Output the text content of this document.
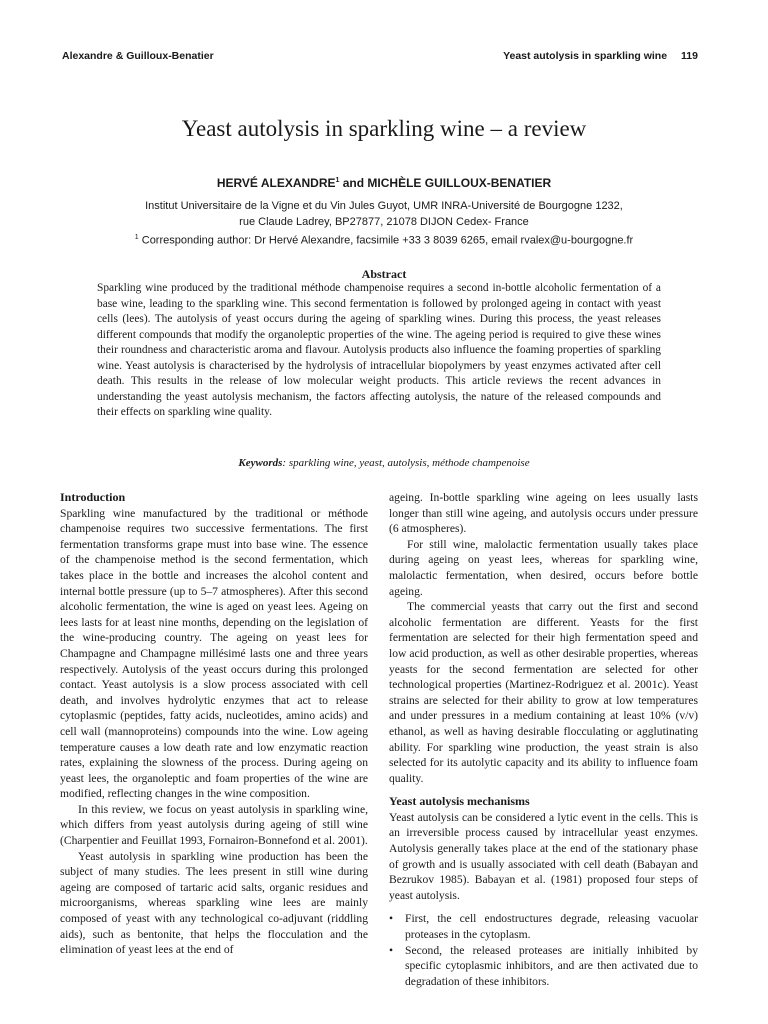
Alexandre & Guilloux-Benatier	Yeast autolysis in sparkling wine 119
Yeast autolysis in sparkling wine – a review
HERVÉ ALEXANDRE$^1$ and MICHÈLE GUILLOUX-BENATIER
Institut Universitaire de la Vigne et du Vin Jules Guyot, UMR INRA-Université de Bourgogne 1232,
rue Claude Ladrey, BP27877, 21078 DIJON Cedex- France
$^1$ Corresponding author: Dr Hervé Alexandre, facsimile +33 3 8039 6265, email rvalex@u-bourgogne.fr
Abstract
Sparkling wine produced by the traditional méthode champenoise requires a second in-bottle alcoholic fermentation of a base wine, leading to the sparkling wine. This second fermentation is followed by prolonged ageing in contact with yeast cells (lees). The autolysis of yeast occurs during the ageing of sparkling wines. During this process, the yeast releases different compounds that modify the organoleptic properties of the wine. The ageing period is required to give these wines their roundness and characteristic aroma and flavour. Autolysis products also influence the foaming properties of sparkling wine. Yeast autolysis is characterised by the hydrolysis of intracellular biopolymers by yeast enzymes activated after cell death. This results in the release of low molecular weight products. This article reviews the recent advances in understanding the yeast autolysis mechanism, the factors affecting autolysis, the nature of the released compounds and their effects on sparkling wine quality.
Keywords: sparkling wine, yeast, autolysis, méthode champenoise
Introduction

Sparkling wine manufactured by the traditional or méthode champenoise requires two successive fermentations. The first fermentation transforms grape must into base wine. The essence of the champenoise method is the second fermentation, which takes place in the bottle and increases the alcohol content and internal bottle pressure (up to 5–7 atmospheres). After this second alcoholic fermentation, the wine is aged on yeast lees. Ageing on lees lasts for at least nine months, depending on the legislation of the wine-producing country. The ageing on yeast lees for Champagne and Champagne millésimé lasts one and three years respectively. Autolysis of the yeast occurs during this prolonged contact. Yeast autolysis is a slow process associated with cell death, and involves hydrolytic enzymes that act to release cytoplasmic (peptides, fatty acids, nucleotides, amino acids) and cell wall (mannoproteins) compounds into the wine. Low ageing temperature causes a low death rate and low enzymatic reaction rates, explaining the slowness of the process. During ageing on yeast lees, the organoleptic and foam properties of the wine are modified, reflecting changes in the wine composition.

In this review, we focus on yeast autolysis in sparkling wine, which differs from yeast autolysis during ageing of still wine (Charpentier and Feuillat 1993, Fornairon-Bonnefond et al. 2001).

Yeast autolysis in sparkling wine production has been the subject of many studies. The lees present in still wine during ageing are composed of tartaric acid salts, organic residues and microorganisms, whereas sparkling wine lees are mainly composed of yeast with any technological co-adjuvant (riddling aids), such as bentonite, that helps the flocculation and the elimination of yeast lees at the end of

ageing. In-bottle sparkling wine ageing on lees usually lasts longer than still wine ageing, and autolysis occurs under pressure (6 atmospheres).

For still wine, malolactic fermentation usually takes place during ageing on yeast lees, whereas for sparkling wine, malolactic fermentation, when desired, occurs before bottle ageing.

The commercial yeasts that carry out the first and second alcoholic fermentation are different. Yeasts for the first fermentation are selected for their high fermentation speed and low acid production, as well as other desirable properties, whereas yeasts for the second fermentation are selected for other technological properties (Martinez-Rodriguez et al. 2001c). Yeast strains are selected for their ability to grow at low temperatures and under pressures in a medium containing at least 10% (v/v) ethanol, as well as having desirable flocculating or agglutinating ability. For sparkling wine production, the yeast strain is also selected for its autolytic capacity and its ability to influence foam quality.

Yeast autolysis mechanisms

Yeast autolysis can be considered a lytic event in the cells. This is an irreversible process caused by intracellular yeast enzymes. Autolysis generally takes place at the end of the stationary phase of growth and is usually associated with cell death (Babayan and Bezrukov 1985). Babayan et al. (1981) proposed four steps of yeast autolysis.

• First, the cell endostructures degrade, releasing vacuolar proteases in the cytoplasm.
• Second, the released proteases are initially inhibited by specific cytoplasmic inhibitors, and are then activated due to degradation of these inhibitors.
